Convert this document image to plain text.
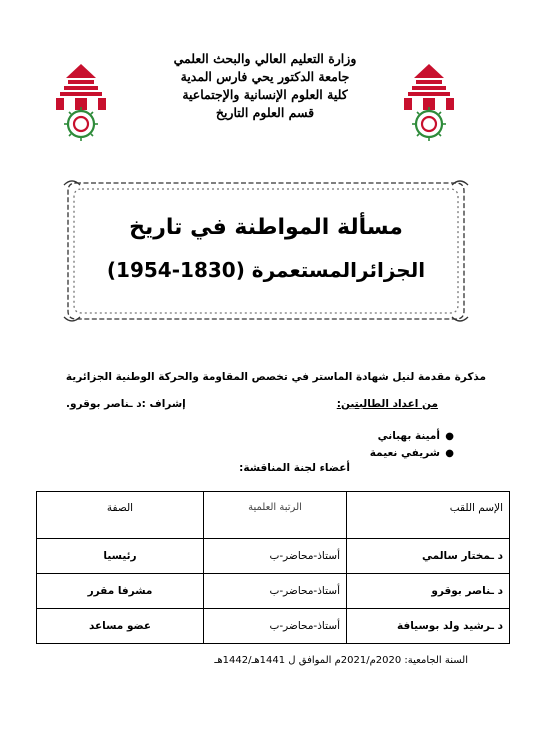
وزارة التعليم العالي والبحث العلمي
جامعة الدكتور يحي فارس المدية
كلية العلوم الإنسانية والإجتماعية
قسم العلوم التاريخ
مسألة المواطنة في تاريخ
الجزائرالمستعمرة (1830-1954)
مذكرة مقدمة لنيل شهادة الماستر في تخصص المقاومة والحركة الوطنية الجزائرية
من اعداد الطالبتين:
إشراف :د ـناصر بوقرو.
●
أمينة بهباني
●
شريفي نعيمة
أعضاء لجنة المناقشة:
الإسم اللقب	الرتبة العلمية	الصفة
د ـمختار سالمي	أستاذ-محاضر-ب	رئيسيا
د ـناصر بوقرو	أستاذ-محاضر-ب	مشرفا مقرر
د ـرشيد ولد بوسيافة	أستاذ-محاضر-ب	عضو مساعد
السنة الجامعية: 2020م/2021م الموافق ل 1441هـ/1442هـ
